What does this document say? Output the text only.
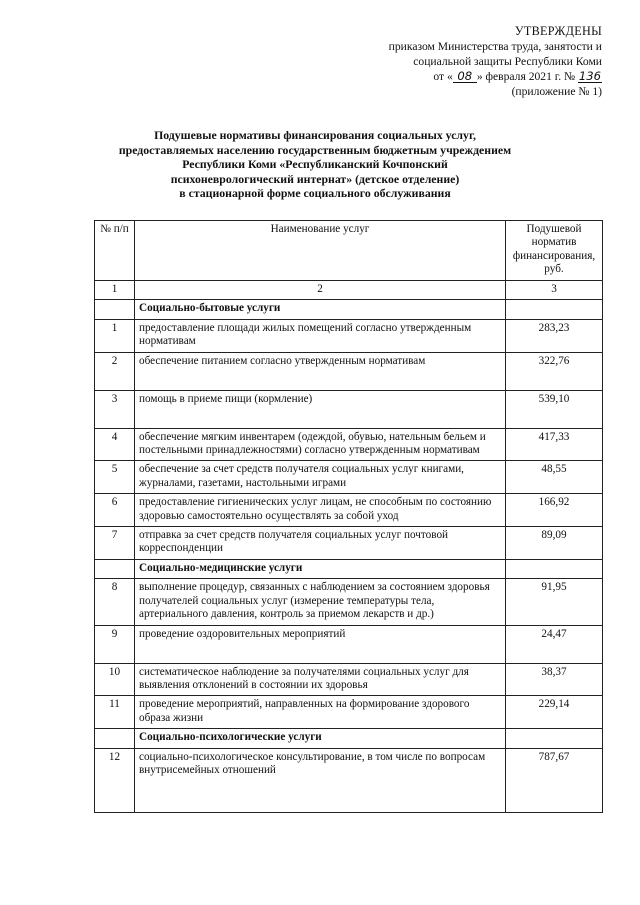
УТВЕРЖДЕНЫ
приказом Министерства труда, занятости и
социальной защиты Республики Коми
от « 08 » февраля 2021 г. № 136
(приложение № 1)
Подушевые нормативы финансирования социальных услуг,
предоставляемых населению государственным бюджетным учреждением
Республики Коми «Республиканский Кочпонский
психоневрологический интернат» (детское отделение)
в стационарной форме социального обслуживания
№ п/п	Наименование услуг	Подушевой норматив финансирования, руб.
1	2	3
	Социально-бытовые услуги	
1	предоставление площади жилых помещений согласно утвержденным нормативам	283,23
2	обеспечение питанием согласно утвержденным нормативам	322,76
3	помощь в приеме пищи (кормление)	539,10
4	обеспечение мягким инвентарем (одеждой, обувью, нательным бельем и постельными принадлежностями) согласно утвержденным нормативам	417,33
5	обеспечение за счет средств получателя социальных услуг книгами, журналами, газетами, настольными играми	48,55
6	предоставление гигиенических услуг лицам, не способным по состоянию здоровью самостоятельно осуществлять за собой уход	166,92
7	отправка за счет средств получателя социальных услуг почтовой корреспонденции	89,09
	Социально-медицинские услуги	
8	выполнение процедур, связанных с наблюдением за состоянием здоровья получателей социальных услуг (измерение температуры тела, артериального давления, контроль за приемом лекарств и др.)	91,95
9	проведение оздоровительных мероприятий	24,47
10	систематическое наблюдение за получателями социальных услуг для выявления отклонений в состоянии их здоровья	38,37
11	проведение мероприятий, направленных на формирование здорового образа жизни	229,14
	Социально-психологические услуги	
12	социально-психологическое консультирование, в том числе по вопросам внутрисемейных отношений	787,67
